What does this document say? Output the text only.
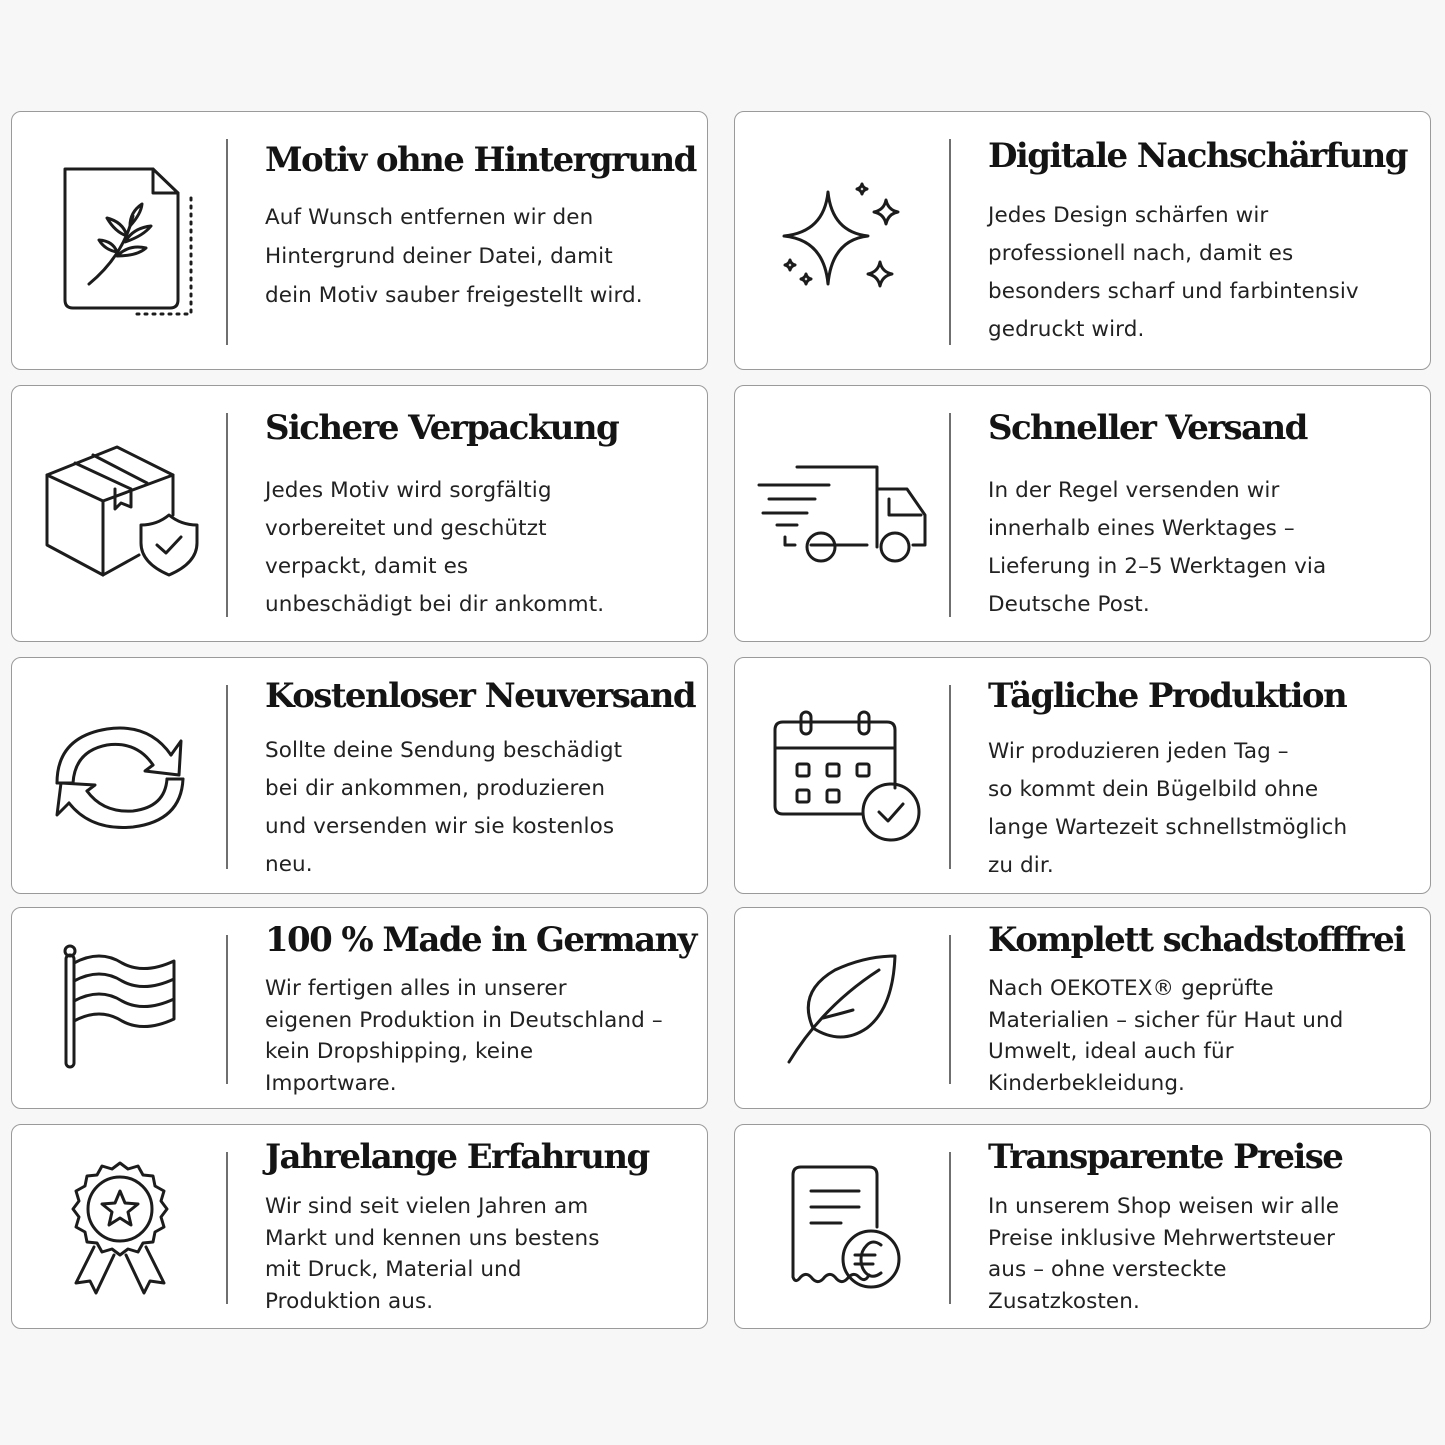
Motiv ohne Hintergrund
Auf Wunsch entfernen wir den
Hintergrund deiner Datei, damit
dein Motiv sauber freigestellt wird.
Digitale Nachschärfung
Jedes Design schärfen wir
professionell nach, damit es
besonders scharf und farbintensiv
gedruckt wird.
Sichere Verpackung
Jedes Motiv wird sorgfältig
vorbereitet und geschützt
verpackt, damit es
unbeschädigt bei dir ankommt.
Schneller Versand
In der Regel versenden wir
innerhalb eines Werktages –
Lieferung in 2–5 Werktagen via
Deutsche Post.
Kostenloser Neuversand
Sollte deine Sendung beschädigt
bei dir ankommen, produzieren
und versenden wir sie kostenlos
neu.
Tägliche Produktion
Wir produzieren jeden Tag –
so kommt dein Bügelbild ohne
lange Wartezeit schnellstmöglich
zu dir.
100 % Made in Germany
Wir fertigen alles in unserer
eigenen Produktion in Deutschland –
kein Dropshipping, keine
Importware.
Komplett schadstofffrei
Nach OEKOTEX® geprüfte
Materialien – sicher für Haut und
Umwelt, ideal auch für
Kinderbekleidung.
Jahrelange Erfahrung
Wir sind seit vielen Jahren am
Markt und kennen uns bestens
mit Druck, Material und
Produktion aus.
Transparente Preise
In unserem Shop weisen wir alle
Preise inklusive Mehrwertsteuer
aus – ohne versteckte
Zusatzkosten.
